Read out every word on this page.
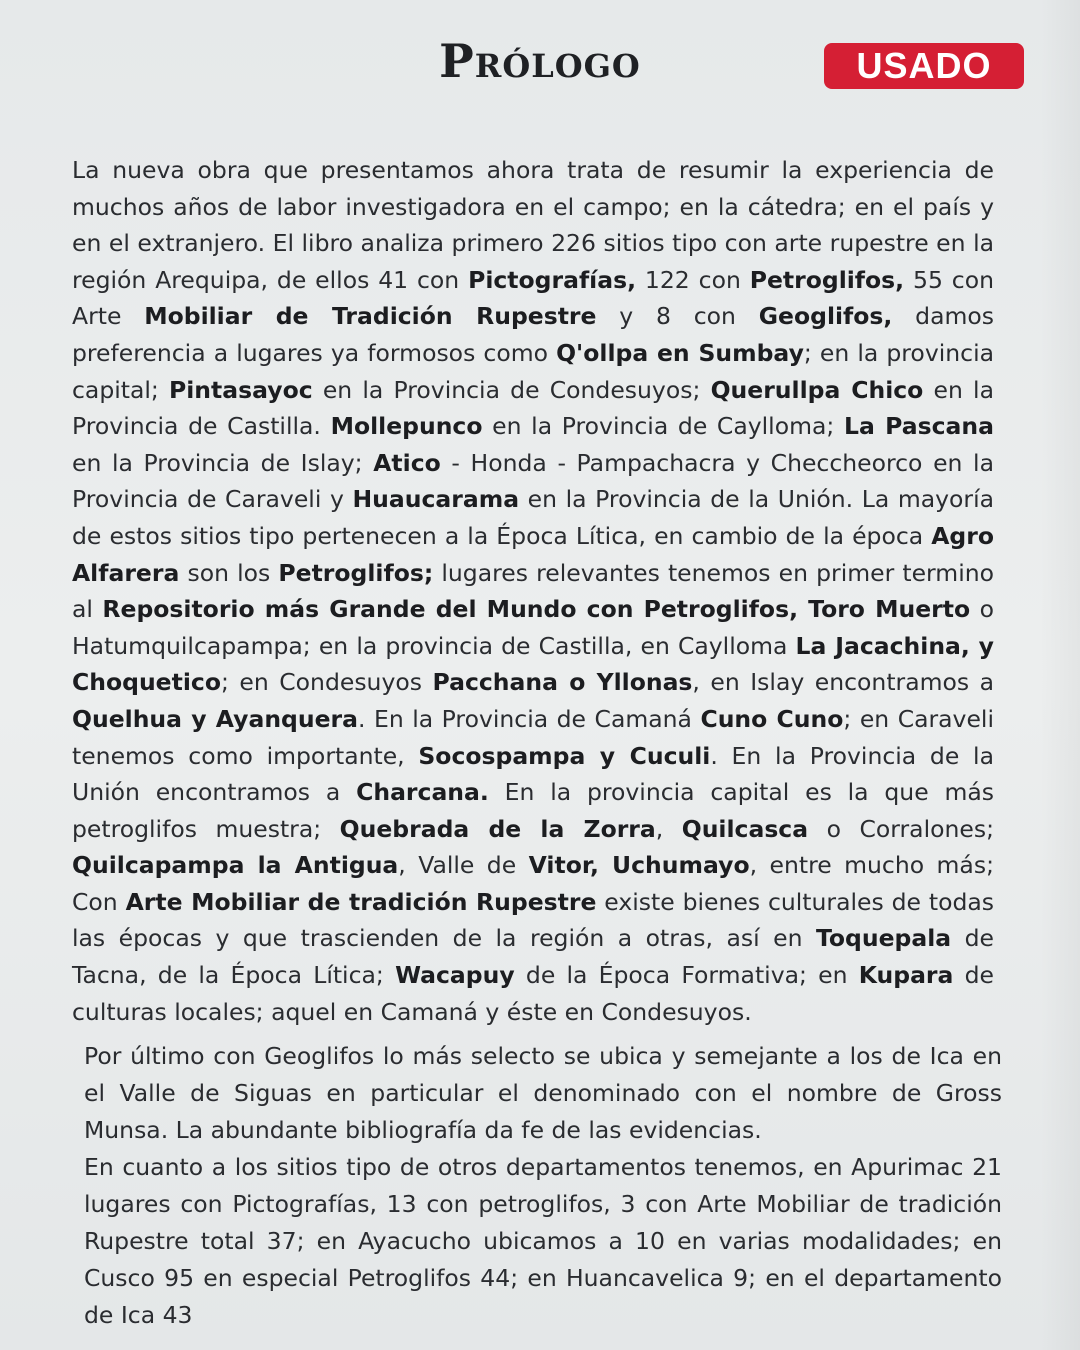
Prólogo	USADO

La nueva obra que presentamos ahora trata de resumir la experiencia de muchos años de labor investigadora en el campo; en la cátedra; en el país y en el extranjero. El libro analiza primero 226 sitios tipo con arte rupestre en la región Arequipa, de ellos 41 con Pictografías, 122 con Petroglifos, 55 con Arte Mobiliar de Tradición Rupestre y 8 con Geoglifos, damos preferencia a lugares ya formosos como Q'ollpa en Sumbay; en la provincia capital; Pintasayoc en la Provincia de Condesuyos; Querullpa Chico en la Provincia de Castilla. Mollepunco en la Provincia de Caylloma; La Pascana en la Provincia de Islay; Atico - Honda - Pampachacra y Checcheorco en la Provincia de Caraveli y Huaucarama en la Provincia de la Unión. La mayoría de estos sitios tipo pertenecen a la Época Lítica, en cambio de la época Agro Alfarera son los Petroglifos; lugares relevantes tenemos en primer termino al Repositorio más Grande del Mundo con Petroglifos, Toro Muerto o Hatumquilcapampa; en la provincia de Castilla, en Caylloma La Jacachina, y Choquetico; en Condesuyos Pacchana o Yllonas, en Islay encontramos a Quelhua y Ayanquera. En la Provincia de Camaná Cuno Cuno; en Caraveli tenemos como importante, Socospampa y Cuculi. En la Provincia de la Unión encontramos a Charcana. En la provincia capital es la que más petroglifos muestra; Quebrada de la Zorra, Quilcasca o Corralones; Quilcapampa la Antigua, Valle de Vitor, Uchumayo, entre mucho más; Con Arte Mobiliar de tradición Rupestre existe bienes culturales de todas las épocas y que trascienden de la región a otras, así en Toquepala de Tacna, de la Época Lítica; Wacapuy de la Época Formativa; en Kupara de culturas locales; aquel en Camaná y éste en Condesuyos.

Por último con Geoglifos lo más selecto se ubica y semejante a los de Ica en el Valle de Siguas en particular el denominado con el nombre de Gross Munsa. La abundante bibliografía da fe de las evidencias.

En cuanto a los sitios tipo de otros departamentos tenemos, en Apurimac 21 lugares con Pictografías, 13 con petroglifos, 3 con Arte Mobiliar de tradición Rupestre total 37; en Ayacucho ubicamos a 10 en varias modalidades; en Cusco 95 en especial Petroglifos 44; en Huancavelica 9; en el departamento de Ica 43
